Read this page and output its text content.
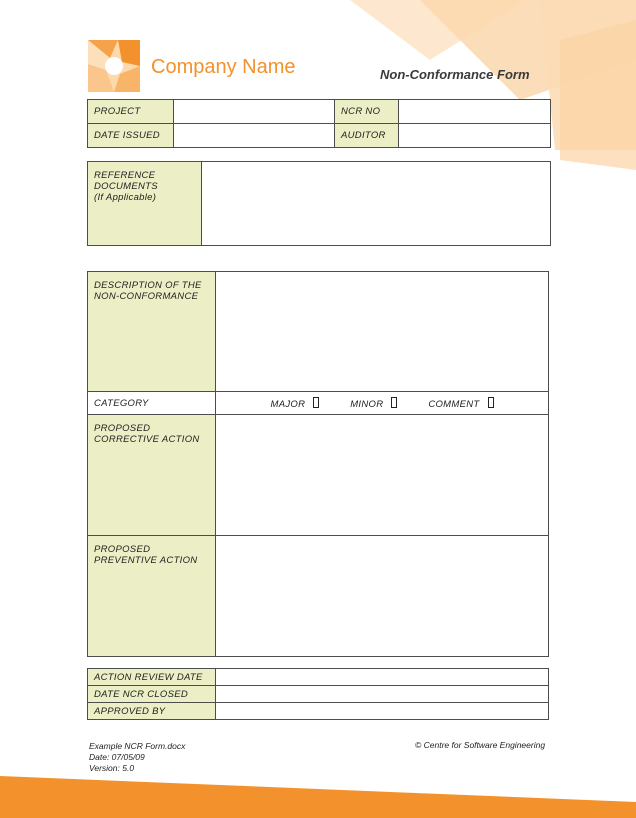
Company Name	Non-Conformance Form
PROJECT		NCR NO	
DATE ISSUED		AUDITOR	
REFERENCE
DOCUMENTS
(If Applicable)	
DESCRIPTION OF THE
NON-CONFORMANCE	
CATEGORY	MAJOR MINOR COMMENT
PROPOSED
CORRECTIVE ACTION	
PROPOSED
PREVENTIVE ACTION	
ACTION REVIEW DATE	
DATE NCR CLOSED	
APPROVED BY	
Example NCR Form.docx
Date: 07/05/09
Version: 5.0
© Centre for Software Engineering
